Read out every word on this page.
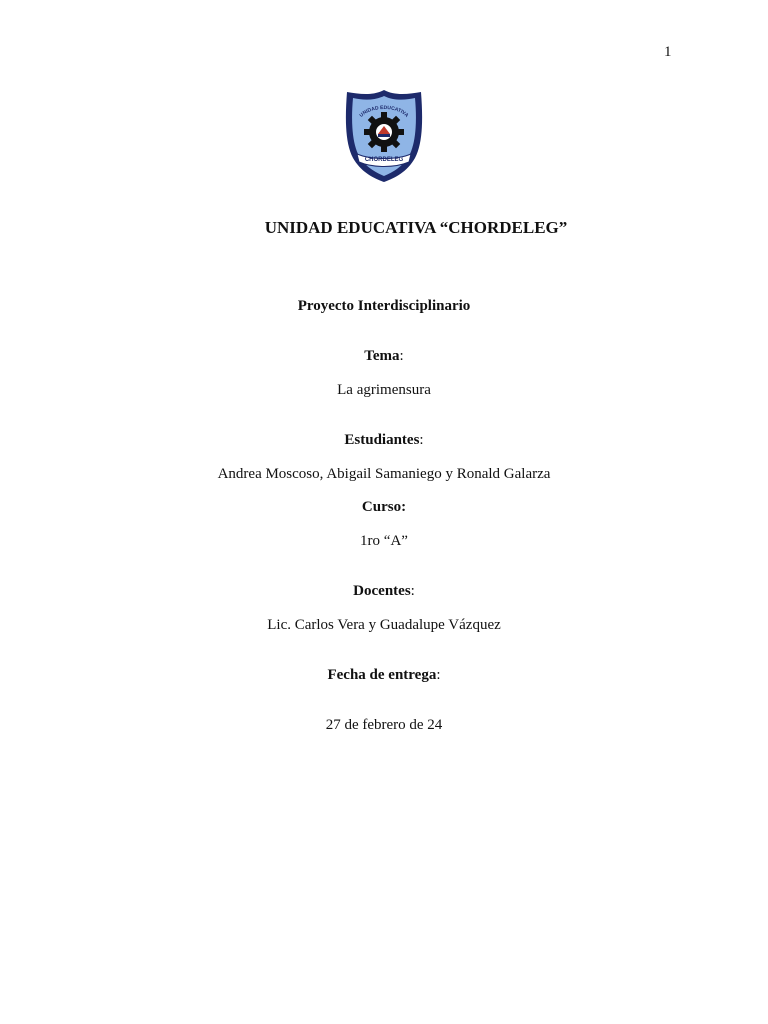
1
CHORDELEG
UNIDAD EDUCATIVA
UNIDAD EDUCATIVA “CHORDELEG”
Proyecto Interdisciplinario
Tema:
La agrimensura
Estudiantes:
Andrea Moscoso, Abigail Samaniego y Ronald Galarza
Curso:
1ro “A”
Docentes:
Lic. Carlos Vera y Guadalupe Vázquez
Fecha de entrega:
27 de febrero de 24
